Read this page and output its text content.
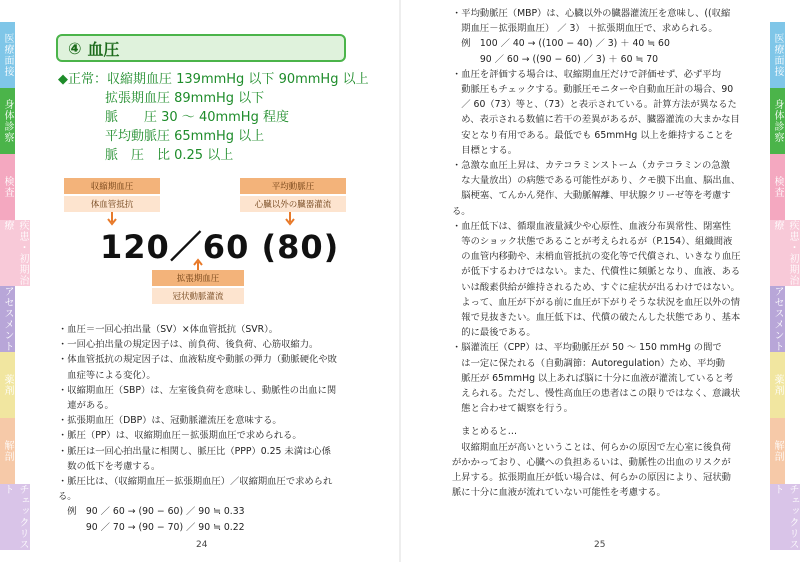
医療面接
身体診察
検査
疾患・初期治療
アセスメント
薬剤
解剖
チェックリスト
医療面接
身体診察
検査
疾患・初期治療
アセスメント
薬剤
解剖
チェックリスト
④ 血圧
◆正常： 収縮期血圧 139mmHg 以下 90mmHg 以上
拡張期血圧 89mmHg 以下
脈　　圧 30 ～ 40mmHg 程度
平均動脈圧 65mmHg 以上
脈　圧　比 0.25 以上
収縮期血圧
体血管抵抗
平均動脈圧
心臓以外の臓器灌流
120／60 (80)
拡張期血圧
冠状動脈灌流

・血圧＝一回心拍出量（SV）×体血管抵抗（SVR）。

・一回心拍出量の規定因子は、前負荷、後負荷、心筋収縮力。

・体血管抵抗の規定因子は、血液粘度や動脈の弾力（動脈硬化や敗

　血症等による変化）。

・収縮期血圧（SBP）は、左室後負荷を意味し、動脈性の出血に関

　連がある。

・拡張期血圧（DBP）は、冠動脈灌流圧を意味する。

・脈圧（PP）は、収縮期血圧－拡張期血圧で求められる。

・脈圧は一回心拍出量に相関し、脈圧比（PPP）0.25 未満は心係

　数の低下を考慮する。

・脈圧比は、（収縮期血圧－拡張期血圧）／収縮期血圧で求められる。

　例　90 ／ 60 → (90 − 60) ／ 90 ≒ 0.33

　　　90 ／ 70 → (90 − 70) ／ 90 ≒ 0.22

24

・平均動脈圧（MBP）は、心臓以外の臓器灌流圧を意味し、((収縮

　期血圧－拡張期血圧） ／ 3） ＋拡張期血圧で、求められる。

　例　100 ／ 40 → ((100 − 40) ／ 3) ＋ 40 ≒ 60

　　　90 ／ 60 → ((90 − 60) ／ 3) ＋ 60 ≒ 70

・血圧を評価する場合は、収縮期血圧だけで評価せず、必ず平均

　動脈圧もチェックする。動脈圧モニターや自動血圧計の場合、90

　／ 60（73）等と、（73）と表示されている。計算方法が異なるた

　め、表示される数値に若干の差異があるが、臓器灌流の大まかな目

　安となり有用である。最低でも 65mmHg 以上を維持することを

　目標とする。

・急激な血圧上昇は、カテコラミンストーム（カテコラミンの急激

　な大量放出）の病態である可能性があり、クモ膜下出血、脳出血、

　脳梗塞、てんかん発作、大動脈解離、甲状腺クリーゼ等を考慮する。

・血圧低下は、循環血液量減少や心原性、血液分布異常性、閉塞性

　等のショック状態であることが考えられるが（P.154）、組織間液

　の血管内移動や、末梢血管抵抗の変化等で代償され、いきなり血圧

　が低下するわけではない。また、代償性に頻脈となり、血液、ある

　いは酸素供給が維持されるため、すぐに症状が出るわけではない。

　よって、血圧が下がる前に血圧が下がりそうな状況を血圧以外の情

　報で見抜きたい。血圧低下は、代償の破たんした状態であり、基本

　的に最後である。

・脳灌流圧（CPP）は、平均動脈圧が 50 ～ 150 mmHg の間で

　は一定に保たれる（自動調節：Autoregulation）ため、平均動

　脈圧が 65mmHg 以上あれば脳に十分に血液が灌流していると考

　えられる。ただし、慢性高血圧の患者はこの限りではなく、意識状

　態と合わせて観察を行う。

　まとめると…

　収縮期血圧が高いということは、何らかの原因で左心室に後負荷

がかかっており、心臓への負担あるいは、動脈性の出血のリスクが

上昇する。拡張期血圧が低い場合は、何らかの原因により、冠状動

脈に十分に血液が流れていない可能性を考慮する。

25
